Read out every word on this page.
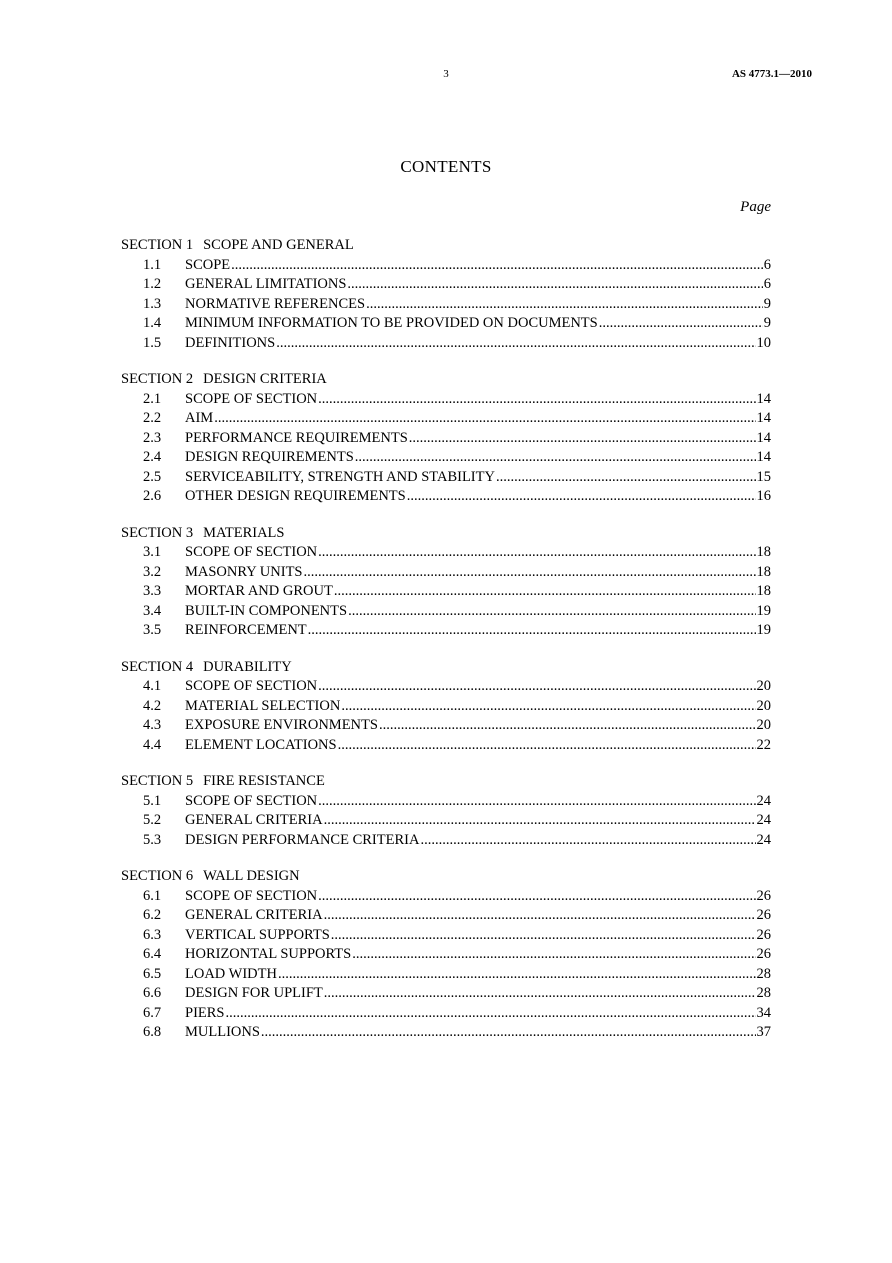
3	AS 4773.1—2010
CONTENTS
Page
SECTION 1 SCOPE AND GENERAL
1.1	SCOPE .....	6
1.2	GENERAL LIMITATIONS .....	6
1.3	NORMATIVE REFERENCES .....	9
1.4	MINIMUM INFORMATION TO BE PROVIDED ON DOCUMENTS .....	9
1.5	DEFINITIONS .....	10
SECTION 2 DESIGN CRITERIA
2.1	SCOPE OF SECTION .....	14
2.2	AIM .....	14
2.3	PERFORMANCE REQUIREMENTS .....	14
2.4	DESIGN REQUIREMENTS .....	14
2.5	SERVICEABILITY, STRENGTH AND STABILITY .....	15
2.6	OTHER DESIGN REQUIREMENTS .....	16
SECTION 3 MATERIALS
3.1	SCOPE OF SECTION .....	18
3.2	MASONRY UNITS .....	18
3.3	MORTAR AND GROUT .....	18
3.4	BUILT-IN COMPONENTS .....	19
3.5	REINFORCEMENT .....	19
SECTION 4 DURABILITY
4.1	SCOPE OF SECTION .....	20
4.2	MATERIAL SELECTION .....	20
4.3	EXPOSURE ENVIRONMENTS .....	20
4.4	ELEMENT LOCATIONS .....	22
SECTION 5 FIRE RESISTANCE
5.1	SCOPE OF SECTION .....	24
5.2	GENERAL CRITERIA .....	24
5.3	DESIGN PERFORMANCE CRITERIA .....	24
SECTION 6 WALL DESIGN
6.1	SCOPE OF SECTION .....	26
6.2	GENERAL CRITERIA .....	26
6.3	VERTICAL SUPPORTS .....	26
6.4	HORIZONTAL SUPPORTS .....	26
6.5	LOAD WIDTH .....	28
6.6	DESIGN FOR UPLIFT .....	28
6.7	PIERS .....	34
6.8	MULLIONS .....	37
